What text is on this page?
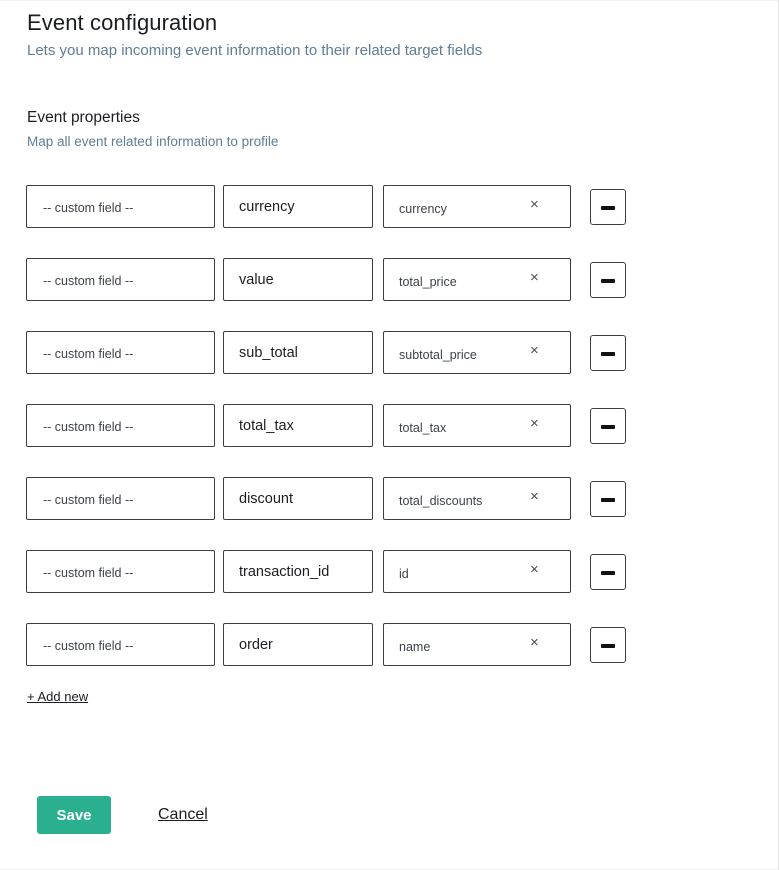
Event configuration
Lets you map incoming event information to their related target fields
Event properties
Map all event related information to profile
-- custom field --	currency	currency	×
-- custom field --	value	total_price	×
-- custom field --	sub_total	subtotal_price	×
-- custom field --	total_tax	total_tax	×
-- custom field --	discount	total_discounts	×
-- custom field --	transaction_id	id	×
-- custom field --	order	name	×
+ Add new
Save	Cancel
